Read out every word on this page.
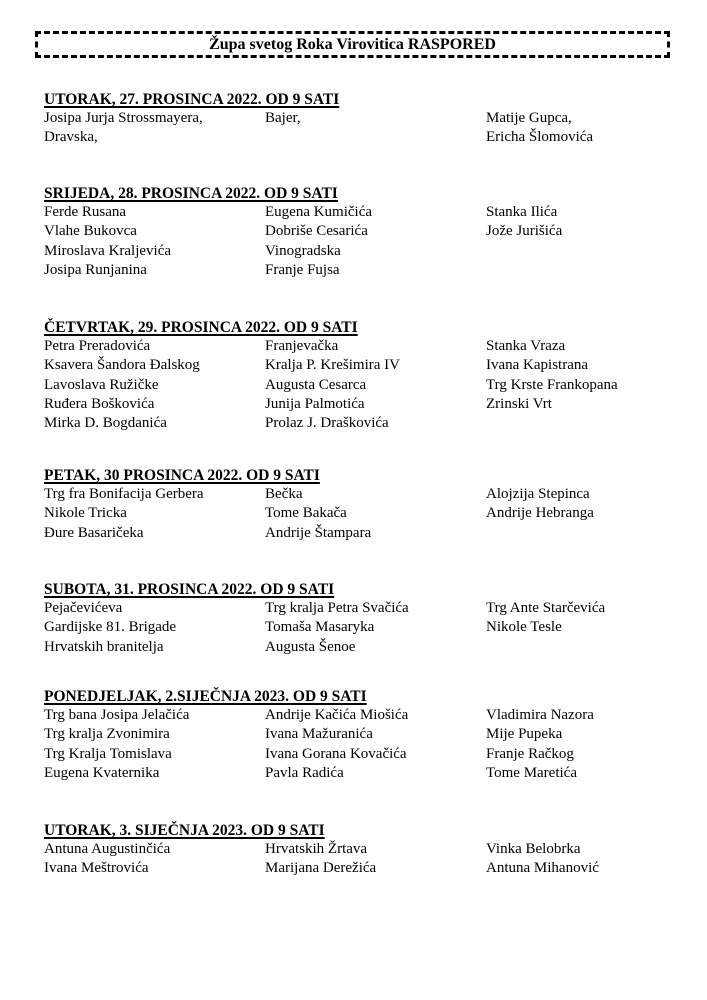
Župa svetog Roka Virovitica RASPORED
UTORAK, 27. PROSINCA 2022. OD 9 SATI
Josipa Jurja Strossmayera,
Dravska,
Bajer,	Matije Gupca,
Ericha Šlomovića
SRIJEDA, 28. PROSINCA 2022. OD 9 SATI
Ferde Rusana
Vlahe Bukovca
Miroslava Kraljevića
Josipa Runjanina
Eugena Kumičića
Dobriše Cesarića
Vinogradska
Franje Fujsa
Stanka Ilića
Jože Jurišića
ČETVRTAK, 29. PROSINCA 2022. OD 9 SATI
Petra Preradovića
Ksavera Šandora Đalskog
Lavoslava Ružičke
Ruđera Boškovića
Mirka D. Bogdanića
Franjevačka
Kralja P. Krešimira IV
Augusta Cesarca
Junija Palmotića
Prolaz J. Draškovića
Stanka Vraza
Ivana Kapistrana
Trg Krste Frankopana
Zrinski Vrt
PETAK, 30 PROSINCA 2022. OD 9 SATI
Trg fra Bonifacija Gerbera
Nikole Tricka
Đure Basaričeka
Bečka
Tome Bakača
Andrije Štampara
Alojzija Stepinca
Andrije Hebranga
SUBOTA, 31. PROSINCA 2022. OD 9 SATI
Pejačevićeva
Gardijske 81. Brigade
Hrvatskih branitelja
Trg kralja Petra Svačića
Tomaša Masaryka
Augusta Šenoe
Trg Ante Starčevića
Nikole Tesle
PONEDJELJAK, 2.SIJEČNJA 2023. OD 9 SATI
Trg bana Josipa Jelačića
Trg kralja Zvonimira
Trg Kralja Tomislava
Eugena Kvaternika
Andrije Kačića Miošića
Ivana Mažuranića
Ivana Gorana Kovačića
Pavla Radića
Vladimira Nazora
Mije Pupeka
Franje Račkog
Tome Maretića
UTORAK, 3. SIJEČNJA 2023. OD 9 SATI
Antuna Augustinčića
Ivana Meštrovića
Hrvatskih Žrtava
Marijana Derežića
Vinka Belobrka
Antuna Mihanović
